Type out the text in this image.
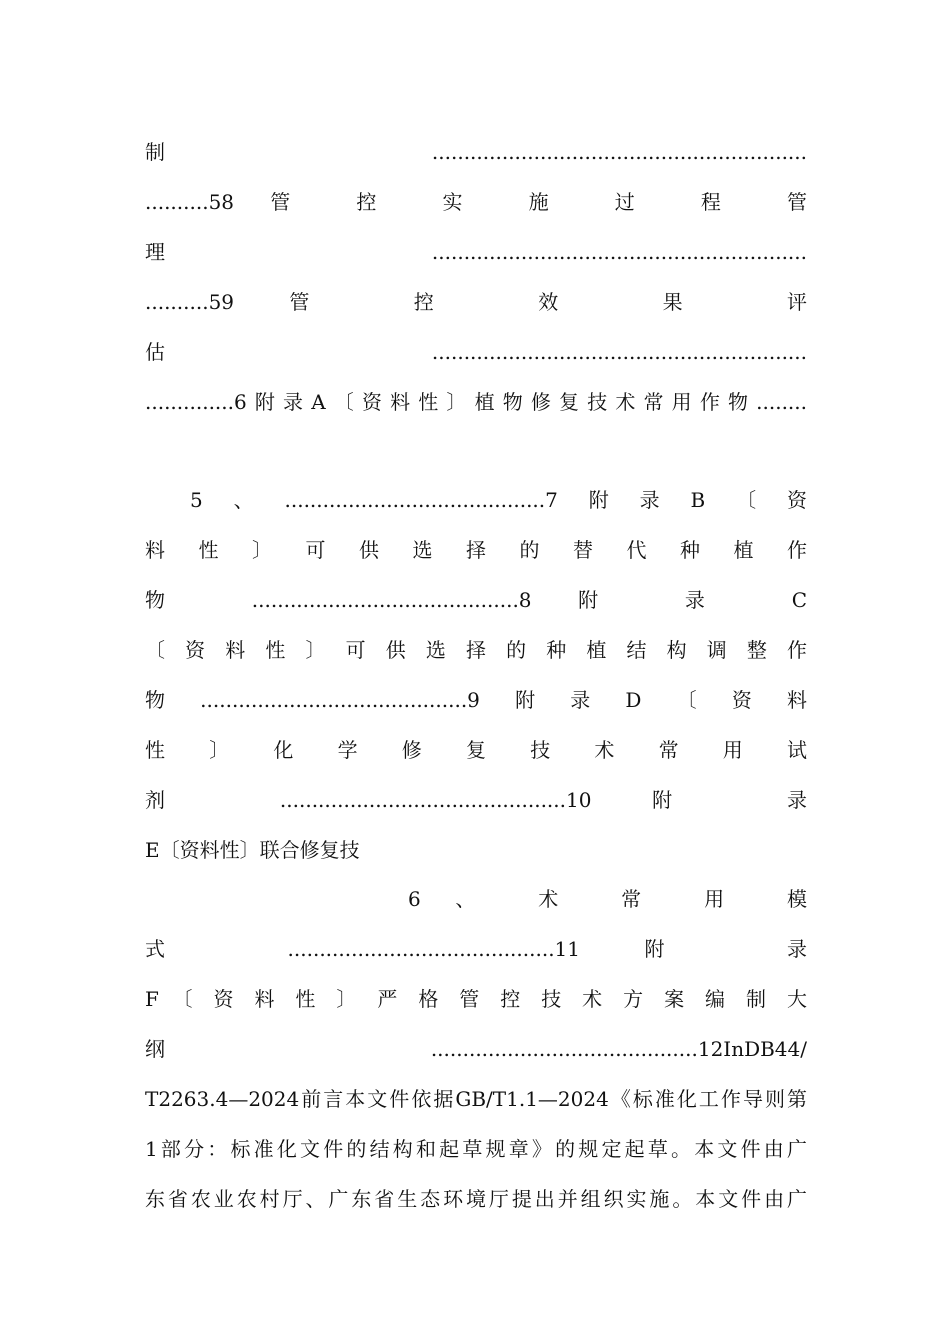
制...........................................................
..........58 管 控 实 施 过 程 管
理...........................................................
..........59 管 控 效 果 评
估...........................................................
..............6附录A〔资料性〕植物修复技术常用作物........
5、.........................................7附录B〔资
料 性 〕 可 供 选 择 的 替 代 种 植 作
物 ..........................................8 附 录 C
〔 资 料 性 〕 可 供 选 择 的 种 植 结 构 调 整 作
物..........................................9附录D〔资料
性 〕 化 学 修 复 技 术 常 用 试
剂 .............................................10 附 录
E〔资料性〕联合修复技
6 、 术 常 用 模
式 ..........................................11 附 录
F 〔 资 料 性 〕 严 格 管 控 技 术 方 案 编 制 大
纲 ..........................................12InDB44/
T2263.4—2024前言本文件依据GB/T1.1—2024《标准化工作导则第
1部分：标准化文件的结构和起草规章》的规定起草。本文件由广
东省农业农村厅、广东省生态环境厅提出并组织实施。本文件由广
